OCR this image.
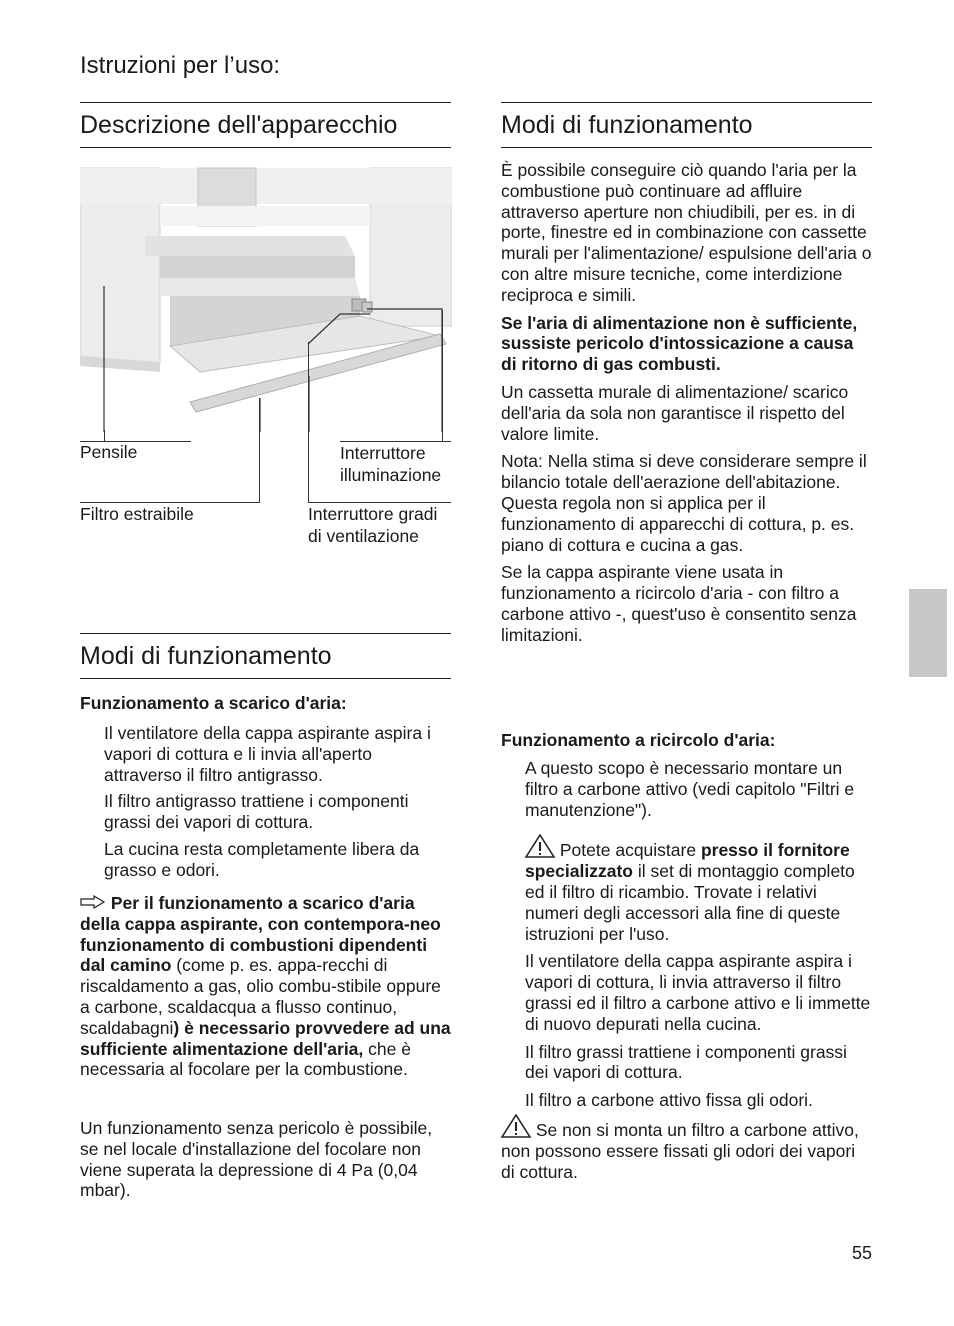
Istruzioni per l’uso:
Descrizione dell'apparecchio
Pensile	Interruttore illuminazione
Filtro estraibile	Interruttore gradi di ventilazione
Modi di funzionamento
Funzionamento a scarico d'aria:

Il ventilatore della cappa aspirante aspira i vapori di cottura e li invia all'aperto attraverso il filtro antigrasso.

Il filtro antigrasso trattiene i componenti grassi dei vapori di cottura.

La cucina resta completamente libera da grasso e odori.

Per il funzionamento a scarico d'aria della cappa aspirante, con contempora-neo funzionamento di combustioni dipendenti dal camino (come p. es. appa-recchi di riscaldamento a gas, olio combu-stibile oppure a carbone, scaldacqua a flusso continuo, scaldabagni) è necessario provvedere ad una sufficiente alimentazione dell'aria, che è necessaria al focolare per la combustione.
Un funzionamento senza pericolo è possibile, se nel locale d'installazione del focolare non viene superata la depressione di 4 Pa (0,04 mbar).
Modi di funzionamento

È possibile conseguire ciò quando l'aria per la combustione può continuare ad affluire attraverso aperture non chiudibili, per es. in di porte, finestre ed in combinazione con cassette murali per l'alimentazione/ espulsione dell'aria o con altre misure tecniche, come interdizione reciproca e simili.

Se l'aria di alimentazione non è sufficiente, sussiste pericolo d'intossicazione a causa di ritorno di gas combusti.

Un cassetta murale di alimentazione/ scarico dell'aria da sola non garantisce il rispetto del valore limite.

Nota: Nella stima si deve considerare sempre il bilancio totale dell'aerazione dell'abitazione. Questa regola non si applica per il funzionamento di apparecchi di cottura, p. es. piano di cottura e cucina a gas.

Se la cappa aspirante viene usata in funzionamento a ricircolo d'aria - con filtro a carbone attivo -, quest'uso è consentito senza limitazioni.

Funzionamento a ricircolo d'aria:

A questo scopo è necessario montare un filtro a carbone attivo (vedi capitolo "Filtri e manutenzione").

Potete acquistare presso il fornitore specializzato il set di montaggio completo ed il filtro di ricambio. Trovate i relativi numeri degli accessori alla fine di queste istruzioni per l'uso.

Il ventilatore della cappa aspirante aspira i vapori di cottura, li invia attraverso il filtro grassi ed il filtro a carbone attivo e li immette di nuovo depurati nella cucina.

Il filtro grassi trattiene i componenti grassi dei vapori di cottura.

Il filtro a carbone attivo fissa gli odori.

Se non si monta un filtro a carbone attivo, non possono essere fissati gli odori dei vapori di cottura.
55
